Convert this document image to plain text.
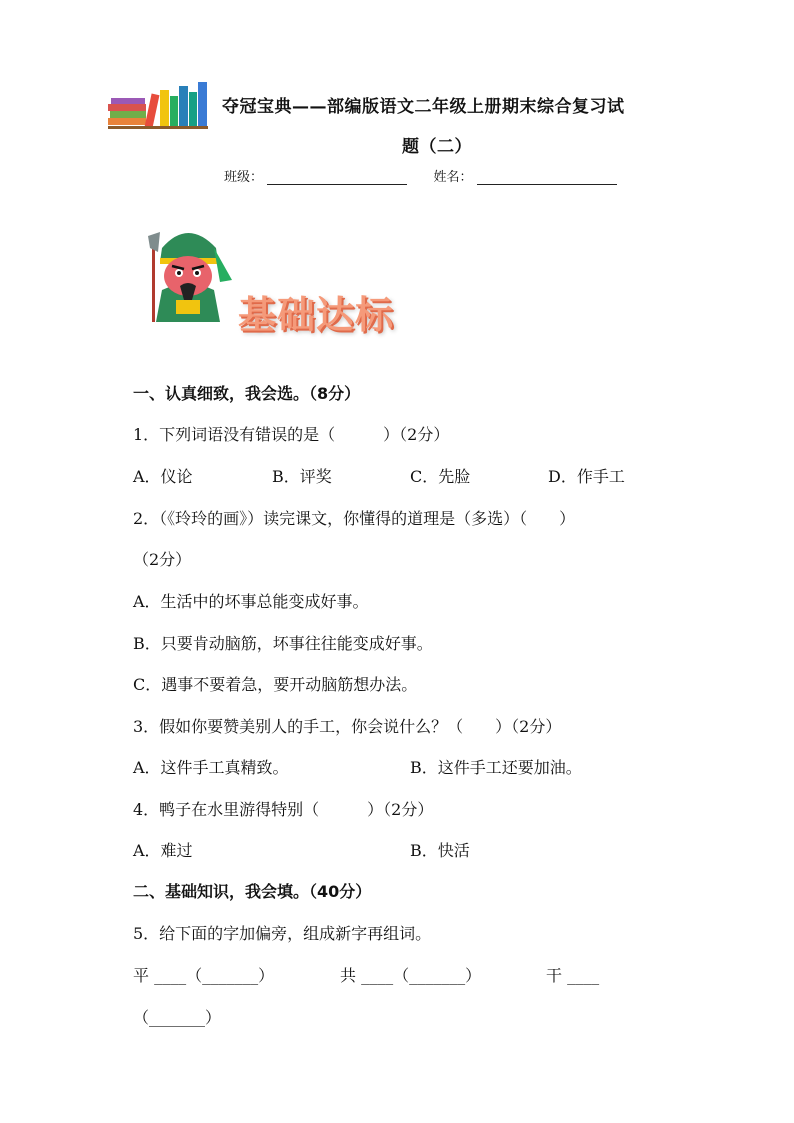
夺冠宝典——部编版语文二年级上册期末综合复习试
题（二）
班级：	姓名：
基础达标
一、认真细致，我会选。（8分）
1．下列词语没有错误的是（　　　）（2分）
A．仪论	B．评奖	C．先脸	D．作手工
2．（《玲玲的画》）读完课文，你懂得的道理是（多选）（　　）
（2分）
A．生活中的坏事总能变成好事。
B．只要肯动脑筋，坏事往往能变成好事。
C．遇事不要着急，要开动脑筋想办法。
3．假如你要赞美别人的手工，你会说什么？（　　）（2分）
A．这件手工真精致。	B．这件手工还要加油。
4．鸭子在水里游得特别（　　　）（2分）
A．难过	B．快活
二、基础知识，我会填。（40分）
5．给下面的字加偏旁，组成新字再组词。
平 ____（_______）	共 ____（_______）	干 ____
（_______）
